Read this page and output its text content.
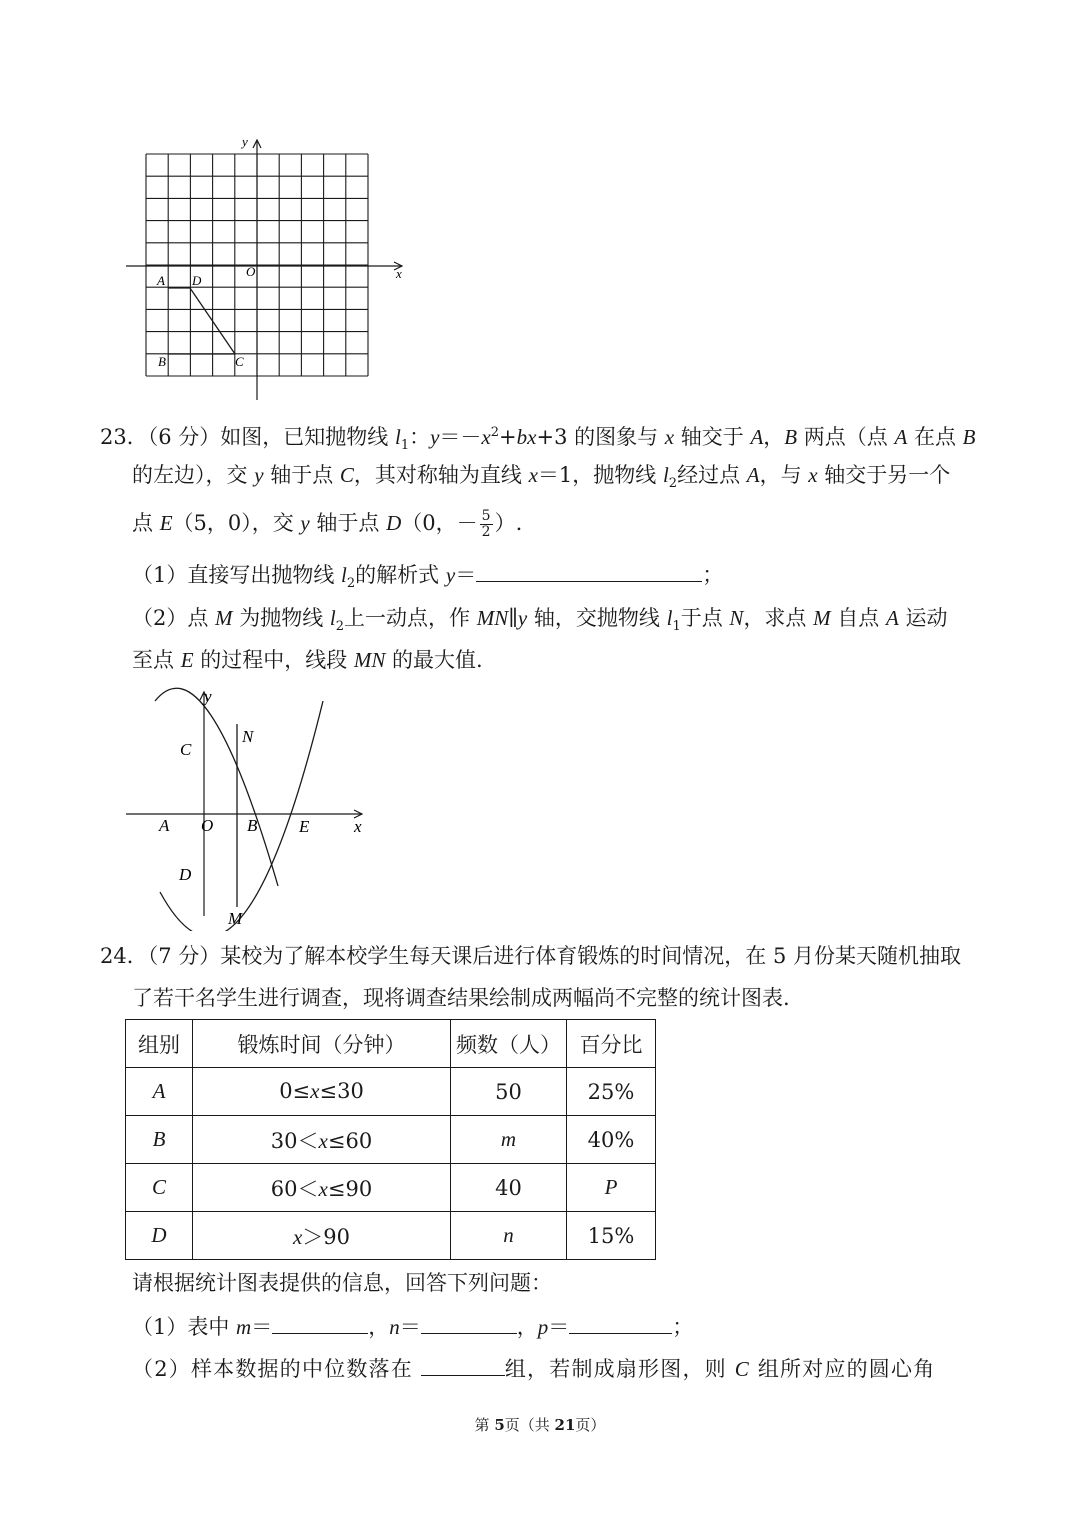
y
x
O
A D
B	C
23．（6 分）如图，已知抛物线 $l_1$：$y=-x^2+bx+3$ 的图象与 x 轴交于 A，B 两点（点 A 在点 B
的左边），交 y 轴于点 C，其对称轴为直线 x＝1，抛物线 $l_2$经过点 A，与 x 轴交于另一个
点 E（5，0），交 y 轴于点 D（0，－ $\frac{5}{2}$ ）.
（1）直接写出抛物线 $l_2$的解析式 y＝	；
（2）点 M 为抛物线 $l_2$上一动点，作 MN∥y 轴，交抛物线 $l_1$于点 N，求点 M 自点 A 运动
至点 E 的过程中，线段 MN 的最大值.
y
x
C
N
A O B E
D
M
24．（7 分）某校为了解本校学生每天课后进行体育锻炼的时间情况，在 5 月份某天随机抽取
了若干名学生进行调查，现将调查结果绘制成两幅尚不完整的统计图表.
组别	锻炼时间（分钟）	频数（人）	百分比
A	0≤x≤30	50	25%
B	30＜x≤60	m	40%
C	60＜x≤90	40	P
D	x＞90	n	15%
请根据统计图表提供的信息，回答下列问题：
（1）表中 m＝	，n＝	，p＝	；
（2）样本数据的中位数落在	组，若制成扇形图，则 C 组所对应的圆心角
第 5页（共 21页）
